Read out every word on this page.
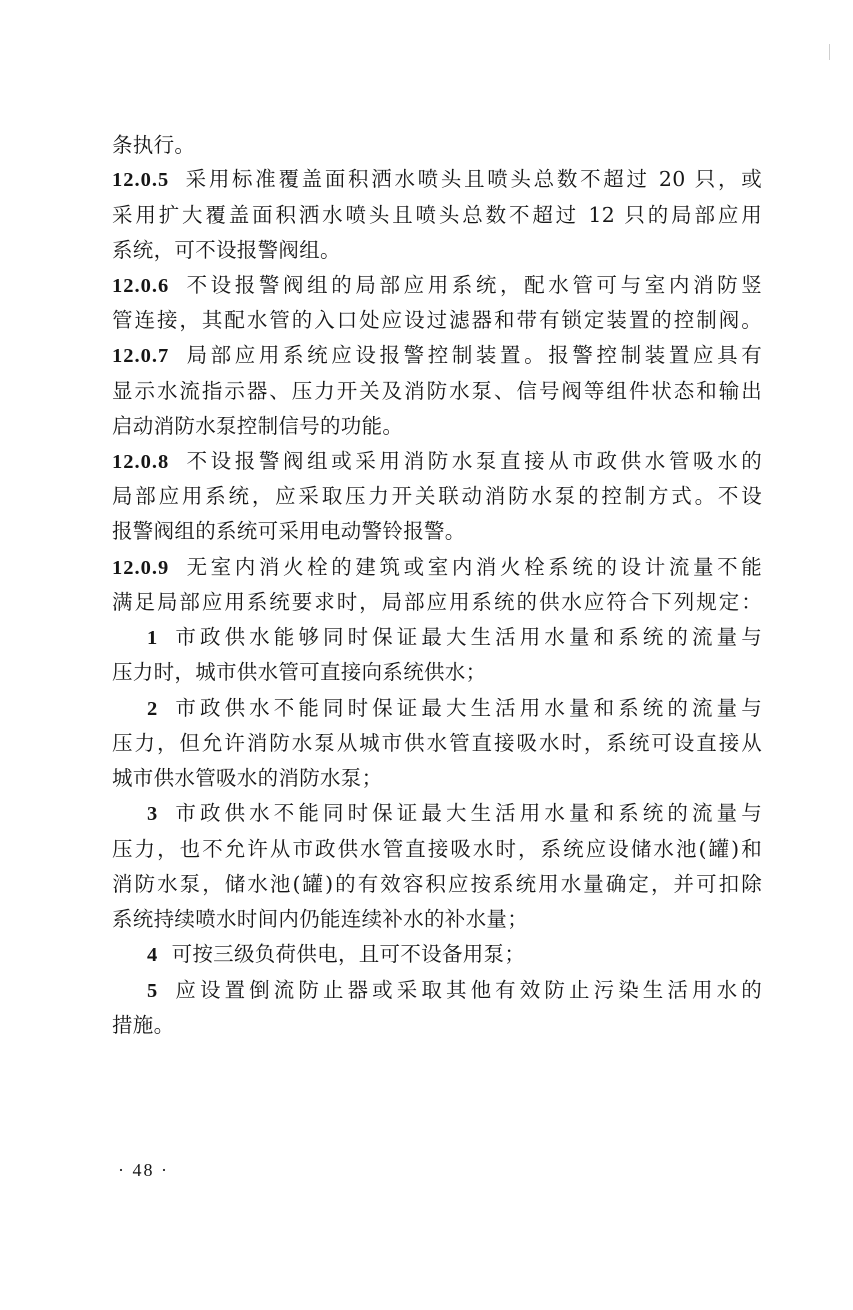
条执行。
12.0.5 采用标准覆盖面积洒水喷头且喷头总数不超过 20 只，或
采用扩大覆盖面积洒水喷头且喷头总数不超过 12 只的局部应用
系统，可不设报警阀组。
12.0.6 不设报警阀组的局部应用系统，配水管可与室内消防竖
管连接，其配水管的入口处应设过滤器和带有锁定装置的控制阀。
12.0.7 局部应用系统应设报警控制装置。报警控制装置应具有
显示水流指示器、压力开关及消防水泵、信号阀等组件状态和输出
启动消防水泵控制信号的功能。
12.0.8 不设报警阀组或采用消防水泵直接从市政供水管吸水的
局部应用系统，应采取压力开关联动消防水泵的控制方式。不设
报警阀组的系统可采用电动警铃报警。
12.0.9 无室内消火栓的建筑或室内消火栓系统的设计流量不能
满足局部应用系统要求时，局部应用系统的供水应符合下列规定：
1 市政供水能够同时保证最大生活用水量和系统的流量与
压力时，城市供水管可直接向系统供水；
2 市政供水不能同时保证最大生活用水量和系统的流量与
压力，但允许消防水泵从城市供水管直接吸水时，系统可设直接从
城市供水管吸水的消防水泵；
3 市政供水不能同时保证最大生活用水量和系统的流量与
压力，也不允许从市政供水管直接吸水时，系统应设储水池(罐)和
消防水泵，储水池(罐)的有效容积应按系统用水量确定，并可扣除
系统持续喷水时间内仍能连续补水的补水量；
4 可按三级负荷供电，且可不设备用泵；
5 应设置倒流防止器或采取其他有效防止污染生活用水的
措施。
· 48 ·
